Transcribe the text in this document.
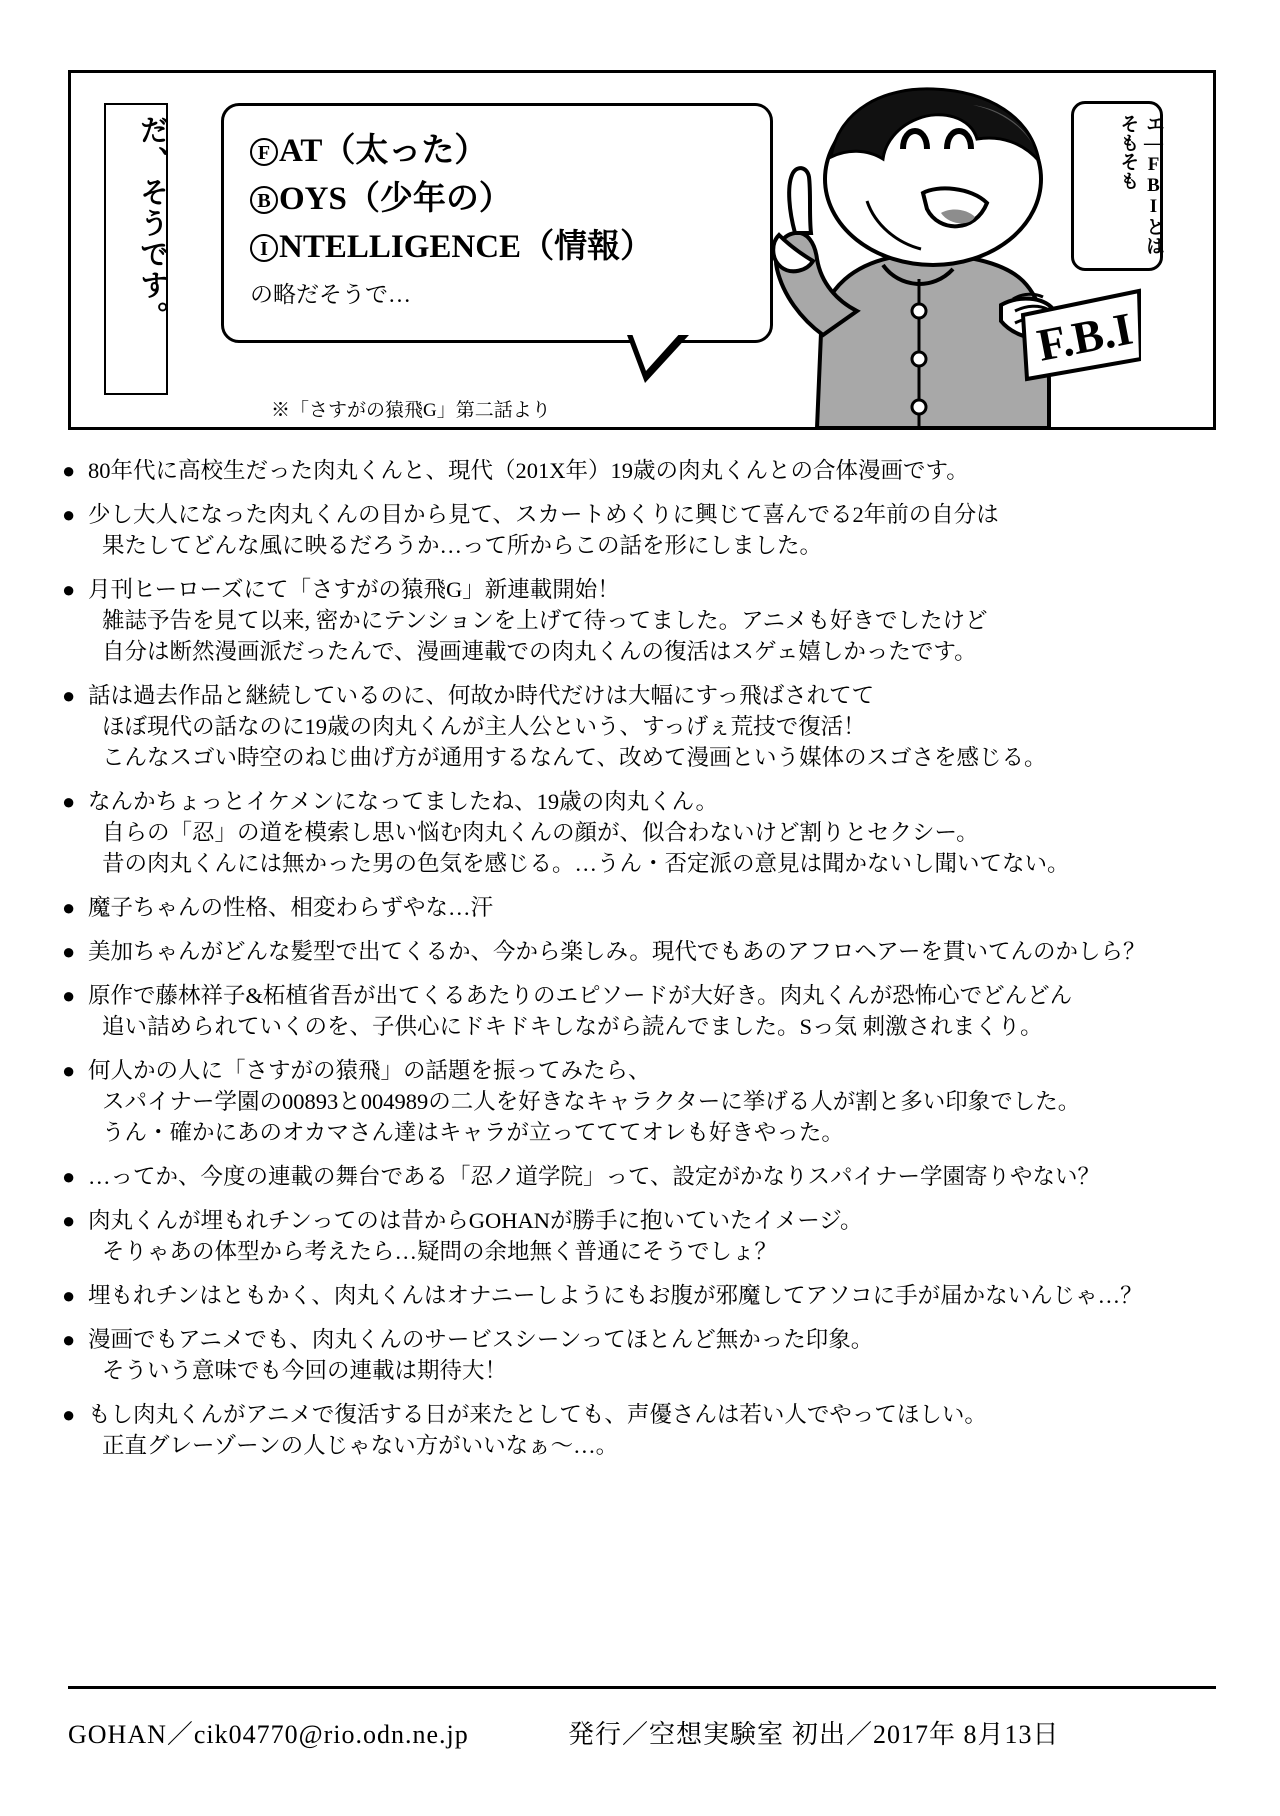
だ、そうです。	F AT（太った）
B OYS（少年の）
I NTELLIGENCE（情報）
の略だそうで…
※「さすがの猿飛G」第二話より
エ—FBIとは そもそも
F.B.I
● 80年代に高校生だった肉丸くんと、現代（201X年）19歳の肉丸くんとの合体漫画です。
● 少し大人になった肉丸くんの目から見て、スカートめくりに興じて喜んでる2年前の自分は
果たしてどんな風に映るだろうか…って所からこの話を形にしました。
● 月刊ヒーローズにて「さすがの猿飛G」新連載開始！
雑誌予告を見て以来, 密かにテンションを上げて待ってました。アニメも好きでしたけど
自分は断然漫画派だったんで、漫画連載での肉丸くんの復活はスゲェ嬉しかったです。
● 話は過去作品と継続しているのに、何故か時代だけは大幅にすっ飛ばされてて
ほぼ現代の話なのに19歳の肉丸くんが主人公という、すっげぇ荒技で復活！
こんなスゴい時空のねじ曲げ方が通用するなんて、改めて漫画という媒体のスゴさを感じる。
● なんかちょっとイケメンになってましたね、19歳の肉丸くん。
自らの「忍」の道を模索し思い悩む肉丸くんの顔が、似合わないけど割りとセクシー。
昔の肉丸くんには無かった男の色気を感じる。…うん・否定派の意見は聞かないし聞いてない。
● 魔子ちゃんの性格、相変わらずやな…汗
● 美加ちゃんがどんな髪型で出てくるか、今から楽しみ。現代でもあのアフロヘアーを貫いてんのかしら？
● 原作で藤林祥子&柘植省吾が出てくるあたりのエピソードが大好き。肉丸くんが恐怖心でどんどん
追い詰められていくのを、子供心にドキドキしながら読んでました。Sっ気 刺激されまくり。
● 何人かの人に「さすがの猿飛」の話題を振ってみたら、
スパイナー学園の00893と004989の二人を好きなキャラクターに挙げる人が割と多い印象でした。
うん・確かにあのオカマさん達はキャラが立ってててオレも好きやった。
● …ってか、今度の連載の舞台である「忍ノ道学院」って、設定がかなりスパイナー学園寄りやない？
● 肉丸くんが埋もれチンってのは昔からGOHANが勝手に抱いていたイメージ。
そりゃあの体型から考えたら…疑問の余地無く普通にそうでしょ？
● 埋もれチンはともかく、肉丸くんはオナニーしようにもお腹が邪魔してアソコに手が届かないんじゃ…？
● 漫画でもアニメでも、肉丸くんのサービスシーンってほとんど無かった印象。
そういう意味でも今回の連載は期待大！
● もし肉丸くんがアニメで復活する日が来たとしても、声優さんは若い人でやってほしい。
正直グレーゾーンの人じゃない方がいいなぁ〜…。
GOHAN／cik04770@rio.odn.ne.jp	発行／空想実験室 初出／2017年 8月13日
